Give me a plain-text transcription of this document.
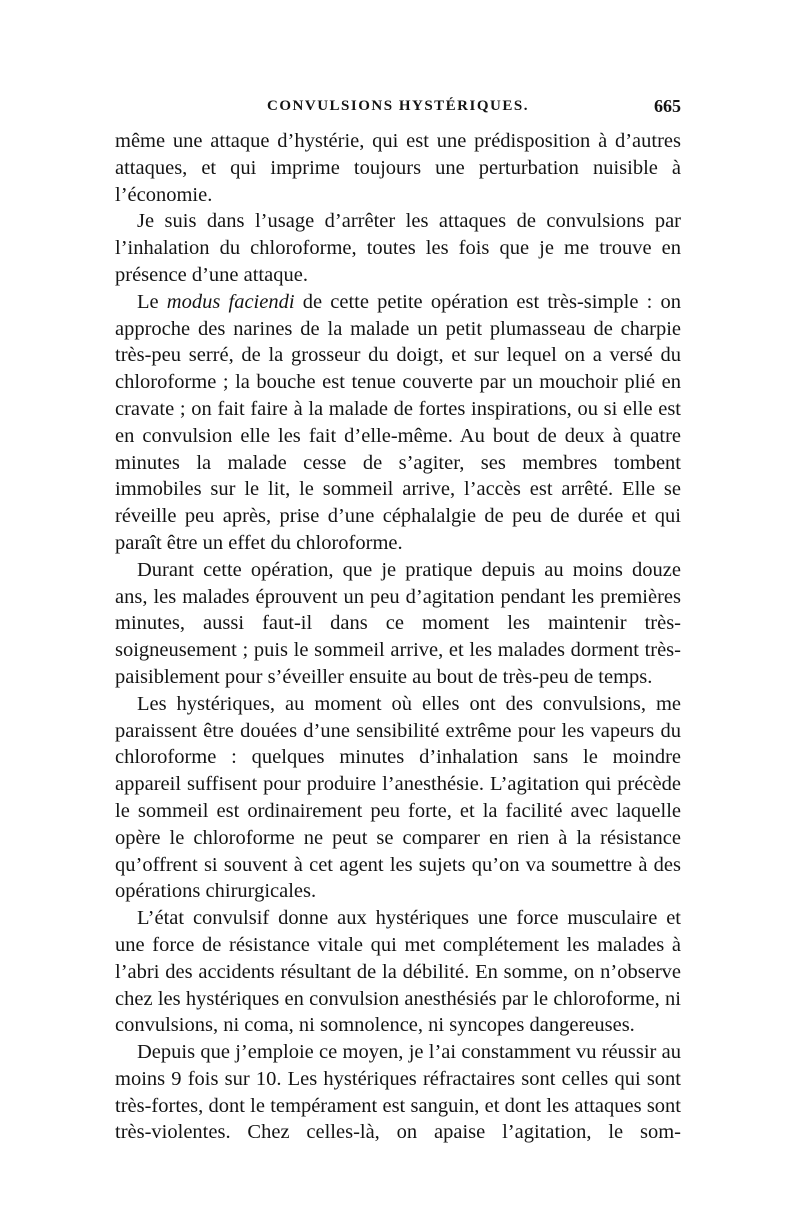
CONVULSIONS HYSTÉRIQUES.	665

même une attaque d’hystérie, qui est une prédisposition à d’autres attaques, et qui imprime toujours une perturbation nuisible à l’économie.

Je suis dans l’usage d’arrêter les attaques de convulsions par l’inhalation du chloroforme, toutes les fois que je me trouve en présence d’une attaque.

Le modus faciendi de cette petite opération est très-simple : on approche des narines de la malade un petit plumasseau de charpie très-peu serré, de la grosseur du doigt, et sur lequel on a versé du chloroforme ; la bouche est tenue couverte par un mouchoir plié en cravate ; on fait faire à la malade de fortes inspirations, ou si elle est en convulsion elle les fait d’elle-même. Au bout de deux à quatre minutes la malade cesse de s’agiter, ses membres tombent immobiles sur le lit, le sommeil arrive, l’accès est arrêté. Elle se réveille peu après, prise d’une céphalalgie de peu de durée et qui paraît être un effet du chloroforme.

Durant cette opération, que je pratique depuis au moins douze ans, les malades éprouvent un peu d’agitation pendant les premières minutes, aussi faut-il dans ce moment les maintenir très-soigneusement ; puis le sommeil arrive, et les malades dorment très-paisiblement pour s’éveiller ensuite au bout de très-peu de temps.

Les hystériques, au moment où elles ont des convulsions, me paraissent être douées d’une sensibilité extrême pour les vapeurs du chloroforme : quelques minutes d’inhalation sans le moindre appareil suffisent pour produire l’anesthésie. L’agitation qui précède le sommeil est ordinairement peu forte, et la facilité avec laquelle opère le chloroforme ne peut se comparer en rien à la résistance qu’offrent si souvent à cet agent les sujets qu’on va soumettre à des opérations chirurgicales.

L’état convulsif donne aux hystériques une force musculaire et une force de résistance vitale qui met complétement les malades à l’abri des accidents résultant de la débilité. En somme, on n’observe chez les hystériques en convulsion anesthésiés par le chloroforme, ni convulsions, ni coma, ni somnolence, ni syncopes dangereuses.

Depuis que j’emploie ce moyen, je l’ai constamment vu réussir au moins 9 fois sur 10. Les hystériques réfractaires sont celles qui sont très-fortes, dont le tempérament est sanguin, et dont les attaques sont très-violentes. Chez celles-là, on apaise l’agitation, le som-
